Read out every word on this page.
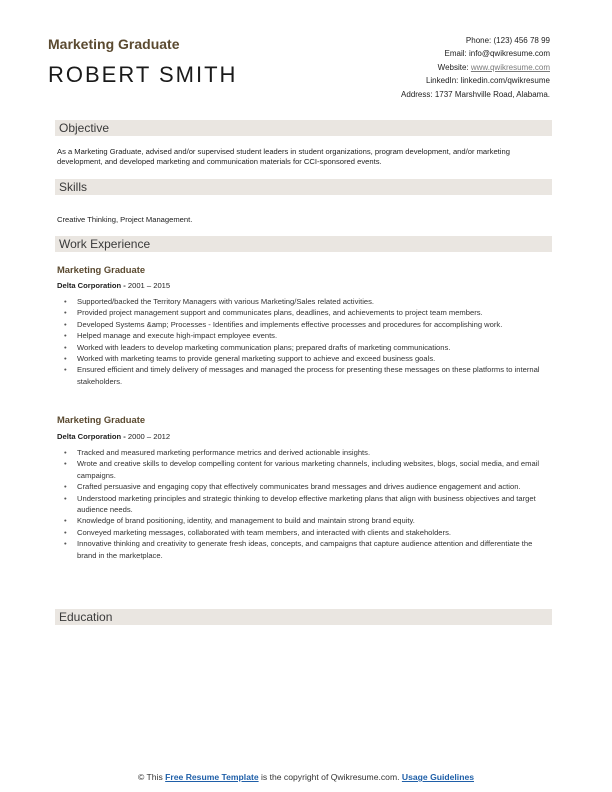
Marketing Graduate
ROBERT SMITH
Phone: (123) 456 78 99
Email: info@qwikresume.com
Website: www.qwikresume.com
LinkedIn: linkedin.com/qwikresume
Address: 1737 Marshville Road, Alabama.
Objective
As a Marketing Graduate, advised and/or supervised student leaders in student organizations, program development, and/or marketing development, and developed marketing and communication materials for CCI-sponsored events.
Skills
Creative Thinking, Project Management.
Work Experience
Marketing Graduate
Delta Corporation - 2001 – 2015
• Supported/backed the Territory Managers with various Marketing/Sales related activities.
• Provided project management support and communicates plans, deadlines, and achievements to project team members.
• Developed Systems &amp; Processes - Identifies and implements effective processes and procedures for accomplishing work.
• Helped manage and execute high-impact employee events.
• Worked with leaders to develop marketing communication plans; prepared drafts of marketing communications.
• Worked with marketing teams to provide general marketing support to achieve and exceed business goals.
• Ensured efficient and timely delivery of messages and managed the process for presenting these messages on these platforms to internal stakeholders.
Marketing Graduate
Delta Corporation - 2000 – 2012
• Tracked and measured marketing performance metrics and derived actionable insights.
• Wrote and creative skills to develop compelling content for various marketing channels, including websites, blogs, social media, and email campaigns.
• Crafted persuasive and engaging copy that effectively communicates brand messages and drives audience engagement and action.
• Understood marketing principles and strategic thinking to develop effective marketing plans that align with business objectives and target audience needs.
• Knowledge of brand positioning, identity, and management to build and maintain strong brand equity.
• Conveyed marketing messages, collaborated with team members, and interacted with clients and stakeholders.
• Innovative thinking and creativity to generate fresh ideas, concepts, and campaigns that capture audience attention and differentiate the brand in the marketplace.
Education
© This Free Resume Template is the copyright of Qwikresume.com. Usage Guidelines
